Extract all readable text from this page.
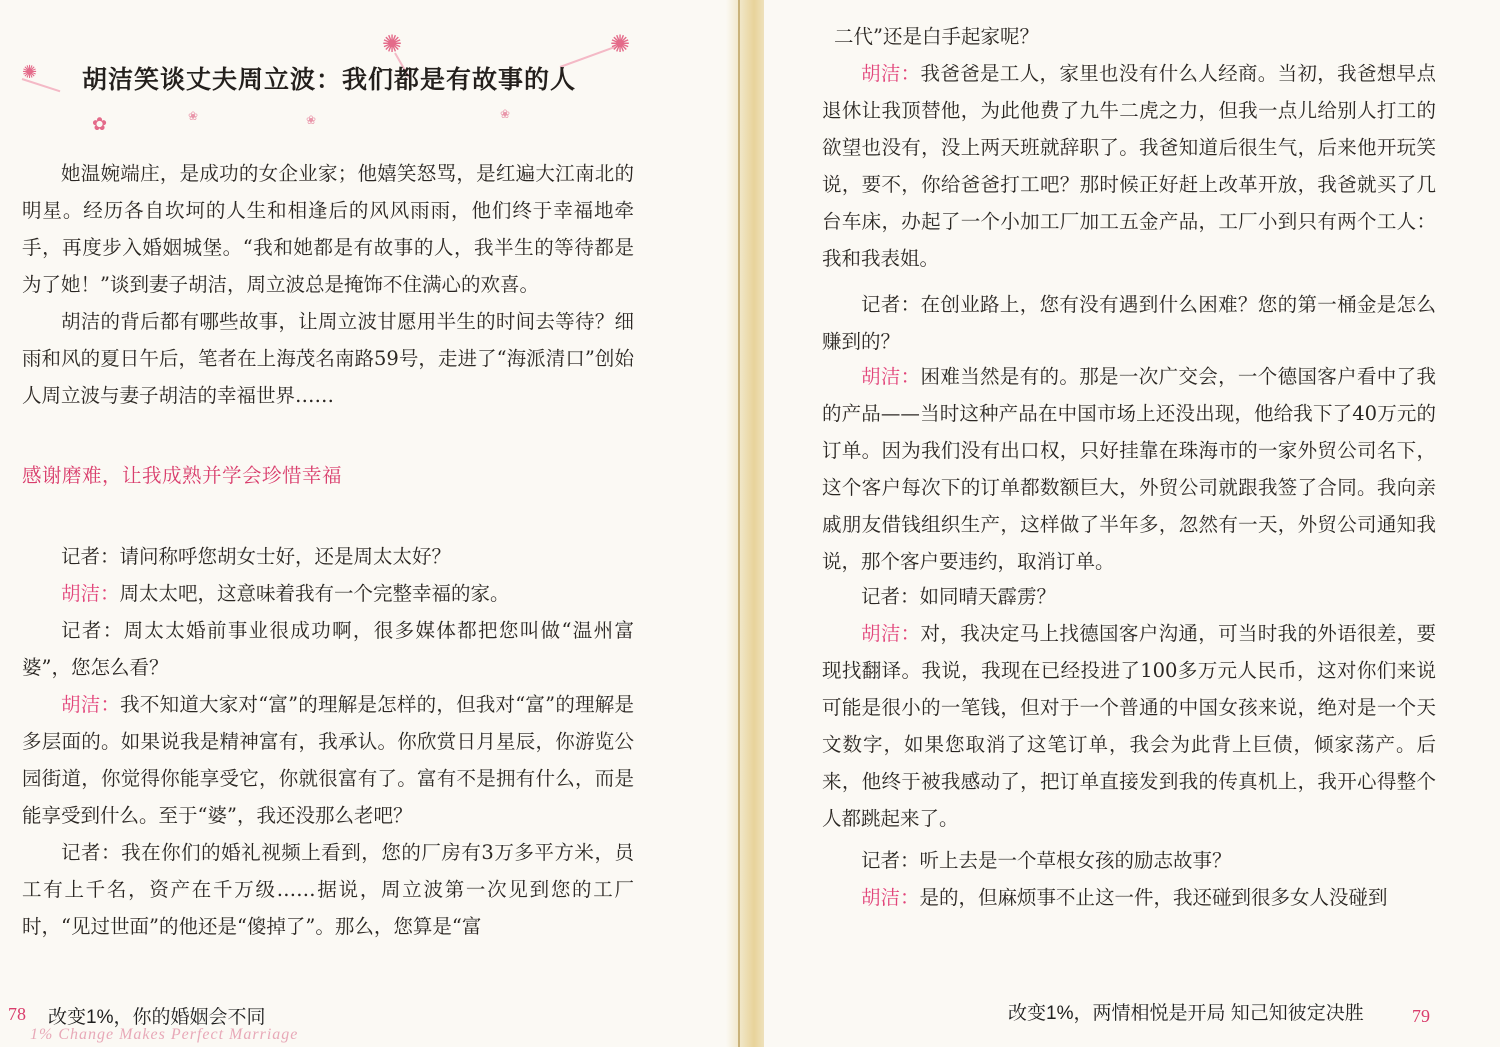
✺
✺	✺
✿	❀	❀	❀
胡洁笑谈丈夫周立波：我们都是有故事的人

她温婉端庄，是成功的女企业家；他嬉笑怒骂，是红遍大江南北的明星。经历各自坎坷的人生和相逢后的风风雨雨，他们终于幸福地牵手，再度步入婚姻城堡。“我和她都是有故事的人，我半生的等待都是为了她！”谈到妻子胡洁，周立波总是掩饰不住满心的欢喜。

胡洁的背后都有哪些故事，让周立波甘愿用半生的时间去等待？细雨和风的夏日午后，笔者在上海茂名南路59号，走进了“海派清口”创始人周立波与妻子胡洁的幸福世界……

感谢磨难，让我成熟并学会珍惜幸福

记者：请问称呼您胡女士好，还是周太太好？

胡洁：周太太吧，这意味着我有一个完整幸福的家。

记者：周太太婚前事业很成功啊，很多媒体都把您叫做“温州富婆”，您怎么看？

胡洁：我不知道大家对“富”的理解是怎样的，但我对“富”的理解是多层面的。如果说我是精神富有，我承认。你欣赏日月星辰，你游览公园街道，你觉得你能享受它，你就很富有了。富有不是拥有什么，而是能享受到什么。至于“婆”，我还没那么老吧？

记者：我在你们的婚礼视频上看到，您的厂房有3万多平方米，员工有上千名，资产在千万级……据说，周立波第一次见到您的工厂时，“见过世面”的他还是“傻掉了”。那么，您算是“富

78 改变1%，你的婚姻会不同
1% Change Makes Perfect Marriage

二代”还是白手起家呢？

胡洁：我爸爸是工人，家里也没有什么人经商。当初，我爸想早点退休让我顶替他，为此他费了九牛二虎之力，但我一点儿给别人打工的欲望也没有，没上两天班就辞职了。我爸知道后很生气，后来他开玩笑说，要不，你给爸爸打工吧？那时候正好赶上改革开放，我爸就买了几台车床，办起了一个小加工厂加工五金产品，工厂小到只有两个工人：我和我表姐。

记者：在创业路上，您有没有遇到什么困难？您的第一桶金是怎么赚到的？

胡洁：困难当然是有的。那是一次广交会，一个德国客户看中了我的产品——当时这种产品在中国市场上还没出现，他给我下了40万元的订单。因为我们没有出口权，只好挂靠在珠海市的一家外贸公司名下，这个客户每次下的订单都数额巨大，外贸公司就跟我签了合同。我向亲戚朋友借钱组织生产，这样做了半年多，忽然有一天，外贸公司通知我说，那个客户要违约，取消订单。

记者：如同晴天霹雳？

胡洁：对，我决定马上找德国客户沟通，可当时我的外语很差，要现找翻译。我说，我现在已经投进了100多万元人民币，这对你们来说可能是很小的一笔钱，但对于一个普通的中国女孩来说，绝对是一个天文数字，如果您取消了这笔订单，我会为此背上巨债，倾家荡产。后来，他终于被我感动了，把订单直接发到我的传真机上，我开心得整个人都跳起来了。

记者：听上去是一个草根女孩的励志故事？

胡洁：是的，但麻烦事不止这一件，我还碰到很多女人没碰到

改变1%，两情相悦是开局 知己知彼定决胜	79
